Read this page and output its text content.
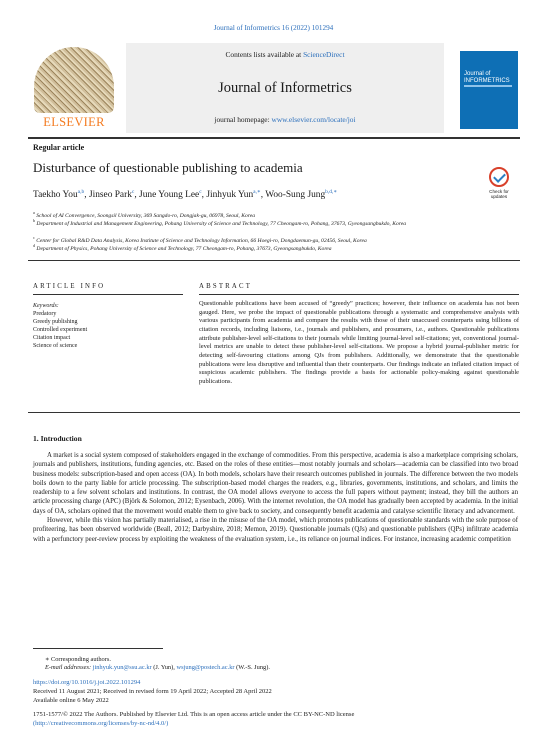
Journal of Informetrics 16 (2022) 101294
ELSEVIER
Contents lists available at ScienceDirect
Journal of Informetrics
journal homepage: www.elsevier.com/locate/joi
Journal of INFORMETRICS
Regular article
Disturbance of questionable publishing to academia
Check for updates
Taekho You$^{a,b}$, Jinseo Park$^c$, June Young Lee$^c$, Jinhyuk Yun$^{a,∗}$, Woo-Sung Jung$^{b,d,∗}$
$^a$ School of AI Convergence, Soongsil University, 369 Sangdo-ro, Dongjak-gu, 06978, Seoul, Korea
$^b$ Department of Industrial and Management Engineering, Pohang University of Science and Technology, 77 Cheongam-ro, Pohang, 37673, Gyeongsangbukdo, Korea
$^c$ Center for Global R&D Data Analysis, Korea Institute of Science and Technology Information, 66 Hoegi-ro, Dongdaemun-gu, 02456, Seoul, Korea
$^d$ Department of Physics, Pohang University of Science and Technology, 77 Cheongam-ro, Pohang, 37673, Gyeongsangbukdo, Korea
ARTICLE INFO	ABSTRACT
Keywords:
Predatory
Greedy publishing
Controlled experiment
Citation impact
Science of science
Questionable publications have been accused of “greedy” practices; however, their influence on academia has not been gauged. Here, we probe the impact of questionable publications through a systematic and comprehensive analysis with various participants from academia and compare the results with those of their unaccused counterparts using billions of citation records, including liaisons, i.e., journals and publishers, and prosumers, i.e., authors. Questionable publications attribute publisher-level self-citations to their journals while limiting journal-level self-citations; yet, conventional journal-level metrics are unable to detect these publisher-level self-citations. We propose a hybrid journal-publisher metric for detecting self-favouring citations among QJs from publishers. Additionally, we demonstrate that the questionable publications were less disruptive and influential than their counterparts. Our findings indicate an inflated citation impact of suspicious academic publishers. The findings provide a basis for actionable policy-making against questionable publications.
1. Introduction

A market is a social system composed of stakeholders engaged in the exchange of commodities. From this perspective, academia is also a marketplace comprising scholars, journals and publishers, institutions, funding agencies, etc. Based on the roles of these entities—most notably journals and scholars—academia can be classified into two broad business models: subscription-based and open access (OA). In both models, scholars have their research outcomes published in journals. The difference between the two models boils down to the party liable for article processing. The subscription-based model charges the readers, e.g., libraries, governments, institutions, and scholars, and limits the readership to a few solvent scholars and institutions. In contrast, the OA model allows everyone to access the full papers without payment; instead, they bill the authors an article processing charge (APC) (Björk & Solomon, 2012; Eysenbach, 2006). With the internet revolution, the OA model has gradually been accepted by academia. In the initial days of OA, scholars opined that the movement would enable them to give back to society, and consequently benefit academia and catalyse scientific literacy and advancement.

However, while this vision has partially materialised, a rise in the misuse of the OA model, which promotes publications of questionable standards with the sole purpose of profiteering, has been observed worldwide (Beall, 2012; Darbyshire, 2018; Memon, 2019). Questionable journals (QJs) and questionable publishers (QPs) infiltrate academia with a perfunctory peer-review process by exploiting the weakness of the evaluation system, i.e., its reliance on journal indices. For instance, increasing academic competition

∗ Corresponding authors.
E-mail addresses: jinhyuk.yun@ssu.ac.kr (J. Yun), wsjung@postech.ac.kr (W.-S. Jung).
https://doi.org/10.1016/j.joi.2022.101294
Received 11 August 2021; Received in revised form 19 April 2022; Accepted 28 April 2022
Available online 6 May 2022
1751-1577/© 2022 The Authors. Published by Elsevier Ltd. This is an open access article under the CC BY-NC-ND license
(http://creativecommons.org/licenses/by-nc-nd/4.0/)
